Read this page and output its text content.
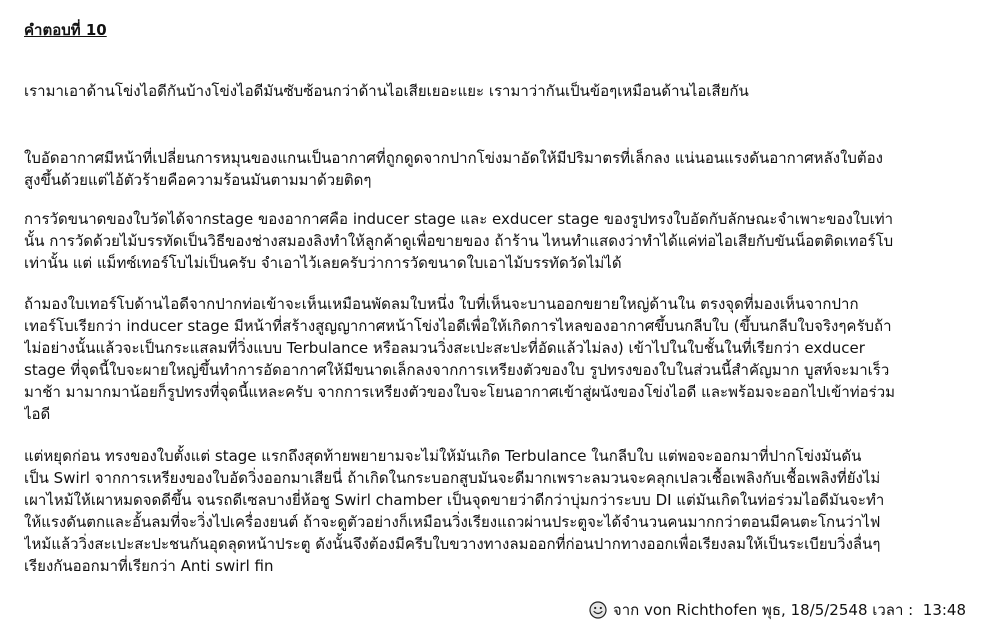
คำตอบที่ 10
เรามาเอาด้านโข่งไอดีกันบ้างโข่งไอดีมันซับซ้อนกว่าด้านไอเสียเยอะแยะ เรามาว่ากันเป็นข้อๆเหมือนด้านไอเสียกัน
ใบอัดอากาศมีหน้าที่เปลี่ยนการหมุนของแกนเป็นอากาศที่ถูกดูดจากปากโข่งมาอัดให้มีปริมาตรที่เล็กลง แน่นอนแรงดันอากาศหลังใบต้อง
สูงขึ้นด้วยแต่ไอ้ตัวร้ายคือความร้อนมันตามมาด้วยติดๆ
การวัดขนาดของใบวัดได้จากstage ของอากาศคือ inducer stage และ exducer stage ของรูปทรงใบอัดกับลักษณะจำเพาะของใบเท่า
นั้น การวัดด้วยไม้บรรทัดเป็นวิธีของช่างสมองลิงทำให้ลูกค้าดูเพื่อขายของ ถ้าร้าน ไหนทำแสดงว่าทำได้แค่ท่อไอเสียกับขันน็อตติดเทอร์โบ
เท่านั้น แต่ แม็ทซ์เทอร์โบไม่เป็นครับ จำเอาไว้เลยครับว่าการวัดขนาดใบเอาไม้บรรทัดวัดไม่ได้
ถ้ามองใบเทอร์โบด้านไอดีจากปากท่อเข้าจะเห็นเหมือนพัดลมใบหนึ่ง ใบที่เห็นจะบานออกขยายใหญ่ด้านใน ตรงจุดที่มองเห็นจากปาก
เทอร์โบเรียกว่า inducer stage มีหน้าที่สร้างสูญญากาศหน้าโข่งไอดีเพื่อให้เกิดการไหลของอากาศขึ้บนกลีบใบ (ขึ้บนกลีบใบจริงๆครับถ้า
ไม่อย่างนั้นแล้วจะเป็นกระแสลมที่วิ่งแบบ Terbulance หรือลมวนวิ่งสะเปะสะปะที่อัดแล้วไม่ลง) เข้าไปในใบชั้นในที่เรียกว่า exducer
stage ที่จุดนี้ใบจะผายใหญ่ขึ้นทำการอัดอากาศให้มีขนาดเล็กลงจากการเหรียงตัวของใบ รูปทรงของใบในส่วนนี้สำคัญมาก บูสท์จะมาเร็ว
มาช้า มามากมาน้อยก็รูปทรงที่จุดนี้แหละครับ จากการเหรียงตัวของใบจะโยนอากาศเข้าสู่ผนังของโข่งไอดี และพร้อมจะออกไปเข้าท่อร่วม
ไอดี
แต่หยุดก่อน ทรงของใบตั้งแต่ stage แรกถึงสุดท้ายพยายามจะไม่ให้มันเกิด Terbulance ในกลีบใบ แต่พอจะออกมาที่ปากโข่งมันดัน
เป็น Swirl จากการเหรียงของใบอัดวิ่งออกมาเสียนี่ ถ้าเกิดในกระบอกสูบมันจะดีมากเพราะลมวนจะคลุกเปลวเชื้อเพลิงกับเชื้อเพลิงที่ยังไม่
เผาไหม้ให้เผาหมดจดดีขึ้น จนรถดีเซลบางยี่ห้อชู Swirl chamber เป็นจุดขายว่าดีกว่าบุ่มกว่าระบบ DI แต่มันเกิดในท่อร่วมไอดีมันจะทำ
ให้แรงดันตกและอั้นลมที่จะวิ่งไปเครื่องยนต์ ถ้าจะดูตัวอย่างก็เหมือนวิ่งเรียงแถวผ่านประตูจะได้จำนวนคนมากกว่าตอนมีคนตะโกนว่าไฟ
ไหม้แล้ววิ่งสะเปะสะปะชนกันอุดลุดหน้าประตู ดังนั้นจึงต้องมีครีบใบขวางทางลมออกที่ก่อนปากทางออกเพื่อเรียงลมให้เป็นระเบียบวิ่งลื่นๆ
เรียงกันออกมาที่เรียกว่า Anti swirl fin
จาก von Richthofen พุธ, 18/5/2548 เวลา :  13:48
